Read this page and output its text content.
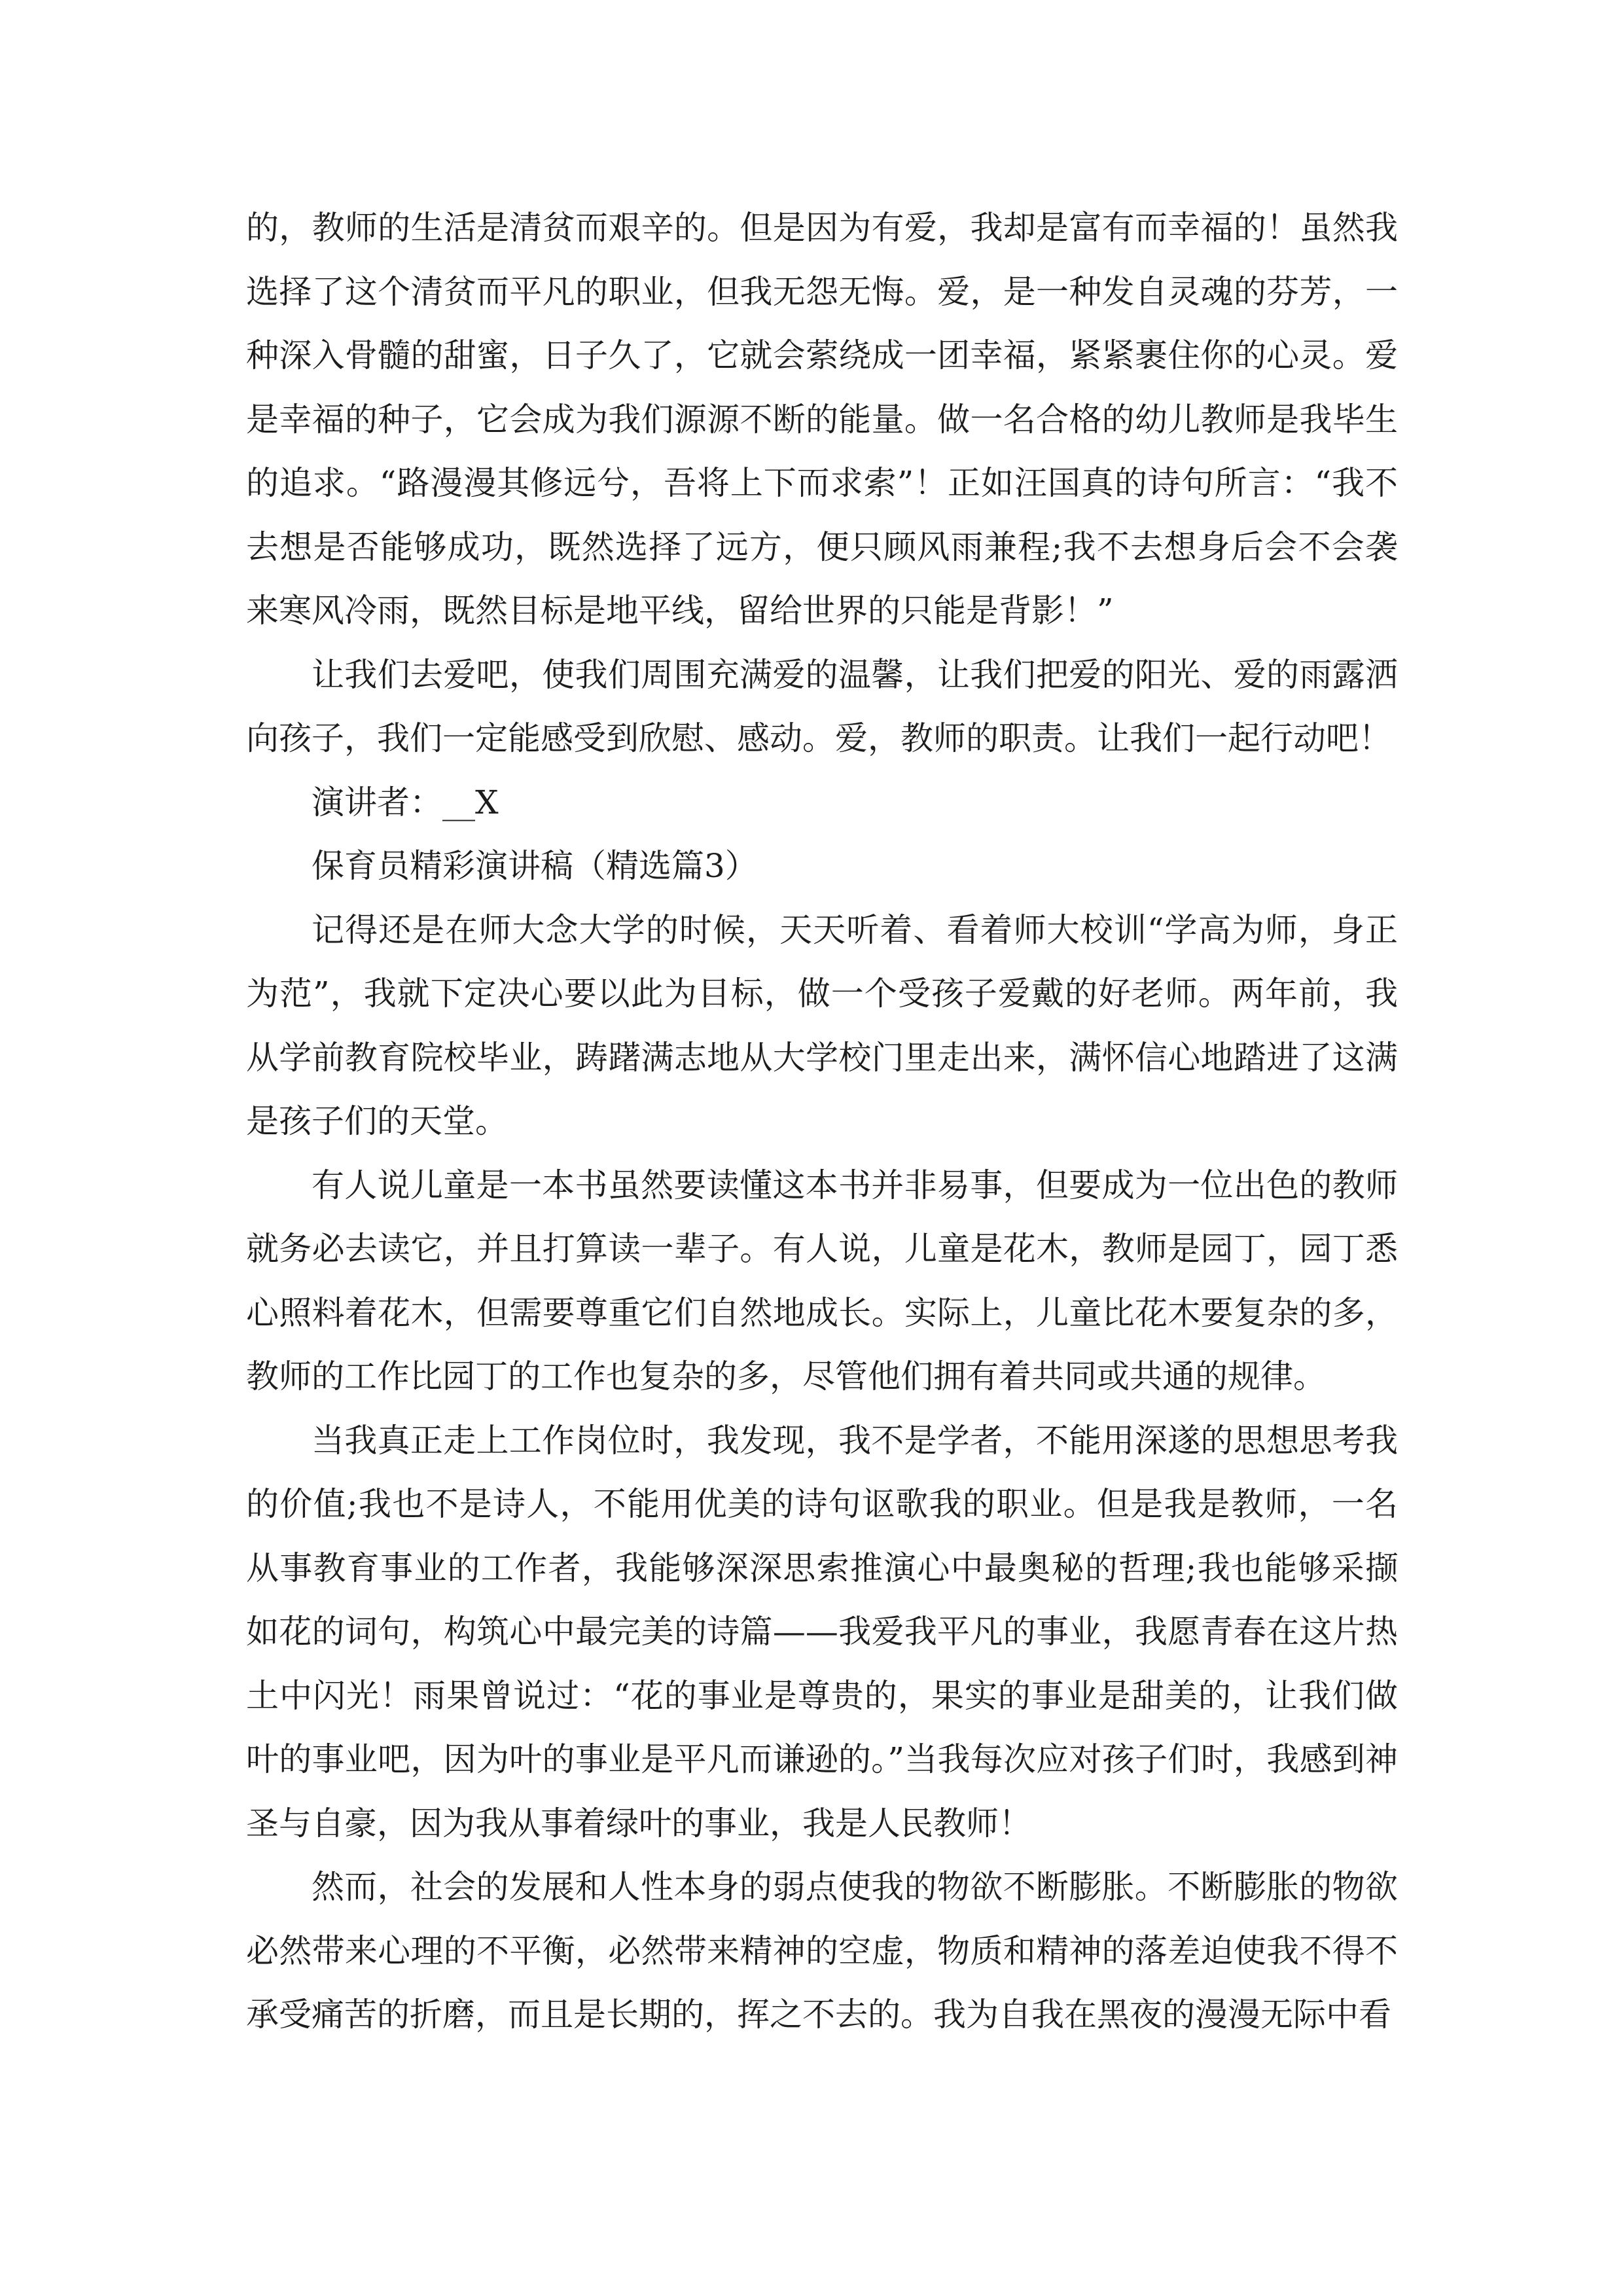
的，教师的生活是清贫而艰辛的。但是因为有爱，我却是富有而幸福的！虽然我选择了这个清贫而平凡的职业，但我无怨无悔。爱，是一种发自灵魂的芬芳，一种深入骨髓的甜蜜，日子久了，它就会萦绕成一团幸福，紧紧裹住你的心灵。爱是幸福的种子，它会成为我们源源不断的能量。做一名合格的幼儿教师是我毕生的追求。“路漫漫其修远兮，吾将上下而求索”！正如汪国真的诗句所言：“我不去想是否能够成功，既然选择了远方，便只顾风雨兼程;我不去想身后会不会袭来寒风冷雨，既然目标是地平线，留给世界的只能是背影！”

让我们去爱吧，使我们周围充满爱的温馨，让我们把爱的阳光、爱的雨露洒向孩子，我们一定能感受到欣慰、感动。爱，教师的职责。让我们一起行动吧！

演讲者：__X

保育员精彩演讲稿（精选篇3）

记得还是在师大念大学的时候，天天听着、看着师大校训“学高为师，身正为范”，我就下定决心要以此为目标，做一个受孩子爱戴的好老师。两年前，我从学前教育院校毕业，踌躇满志地从大学校门里走出来，满怀信心地踏进了这满是孩子们的天堂。

有人说儿童是一本书虽然要读懂这本书并非易事，但要成为一位出色的教师就务必去读它，并且打算读一辈子。有人说，儿童是花木，教师是园丁，园丁悉心照料着花木，但需要尊重它们自然地成长。实际上，儿童比花木要复杂的多，教师的工作比园丁的工作也复杂的多，尽管他们拥有着共同或共通的规律。

当我真正走上工作岗位时，我发现，我不是学者，不能用深遂的思想思考我的价值;我也不是诗人，不能用优美的诗句讴歌我的职业。但是我是教师，一名从事教育事业的工作者，我能够深深思索推演心中最奥秘的哲理;我也能够采撷如花的词句，构筑心中最完美的诗篇——我爱我平凡的事业，我愿青春在这片热土中闪光！雨果曾说过：“花的事业是尊贵的，果实的事业是甜美的，让我们做叶的事业吧，因为叶的事业是平凡而谦逊的。”当我每次应对孩子们时，我感到神圣与自豪，因为我从事着绿叶的事业，我是人民教师！

然而，社会的发展和人性本身的弱点使我的物欲不断膨胀。不断膨胀的物欲必然带来心理的不平衡，必然带来精神的空虚，物质和精神的落差迫使我不得不承受痛苦的折磨，而且是长期的，挥之不去的。我为自我在黑夜的漫漫无际中看
